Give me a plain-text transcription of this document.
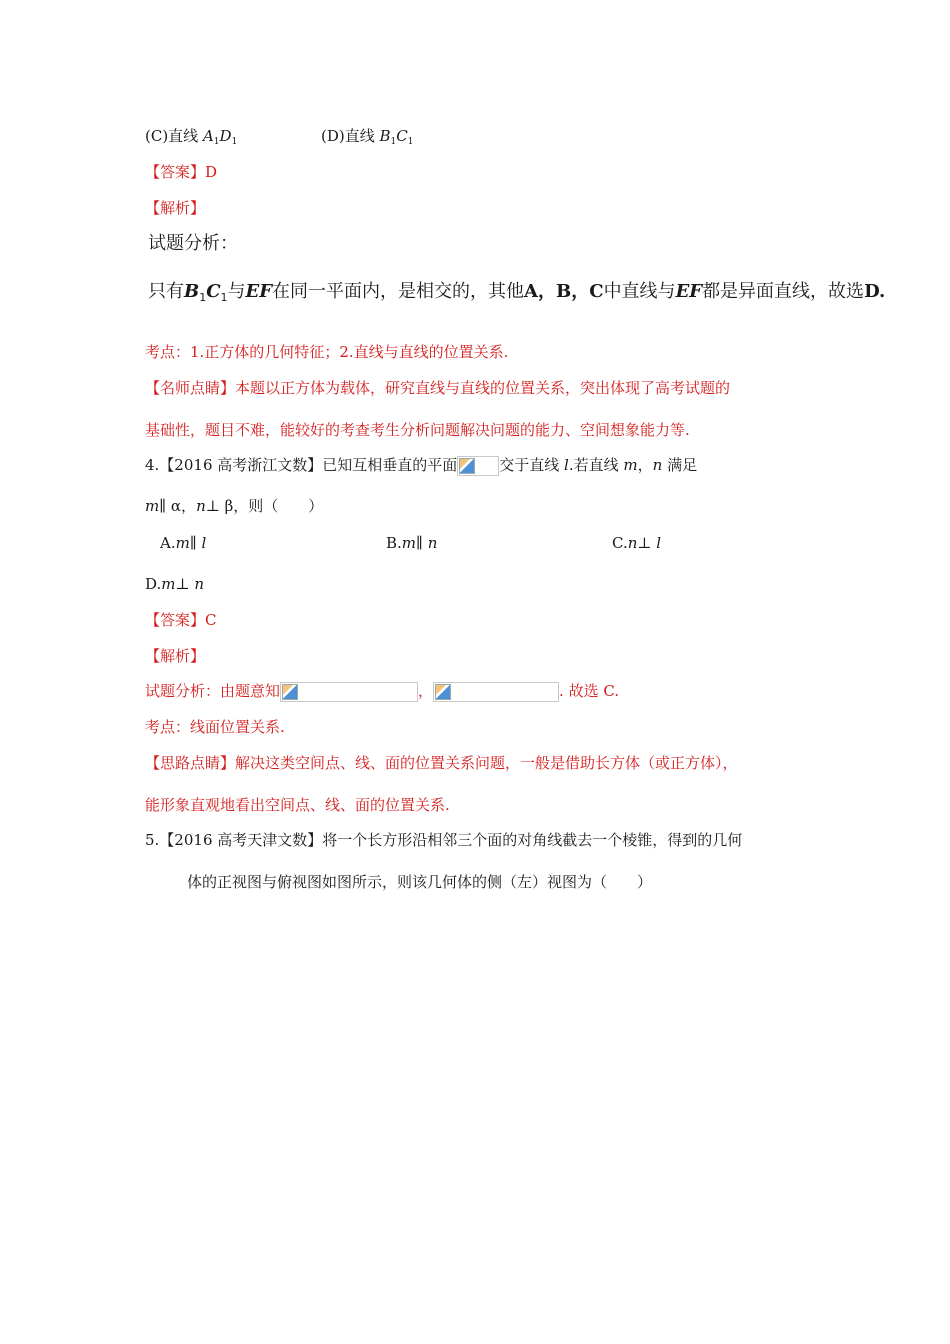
(C)直线 $A_1D_1$	(D)直线 $B_1C_1$
【答案】D
【解析】
试题分析：
只有$B_1C_1$与EF在同一平面内，是相交的，其他A，B，C中直线与EF都是异面直线，故选D.
考点：1.正方体的几何特征；2.直线与直线的位置关系.
【名师点睛】本题以正方体为载体，研究直线与直线的位置关系，突出体现了高考试题的
基础性，题目不难，能较好的考查考生分析问题解决问题的能力、空间想象能力等.
4.【2016 高考浙江文数】已知互相垂直的平面	交于直线 l.若直线 m，n 满足
m∥ α，n⊥ β，则（　　）
A.m∥ l	B.m∥ n	C.n⊥ l
D.m⊥ n
【答案】C
【解析】
试题分析：由题意知	，	. 故选 C.
考点：线面位置关系.
【思路点睛】解决这类空间点、线、面的位置关系问题，一般是借助长方体（或正方体），
能形象直观地看出空间点、线、面的位置关系.
5.【2016 高考天津文数】将一个长方形沿相邻三个面的对角线截去一个棱锥，得到的几何
体的正视图与俯视图如图所示，则该几何体的侧（左）视图为（　　）
